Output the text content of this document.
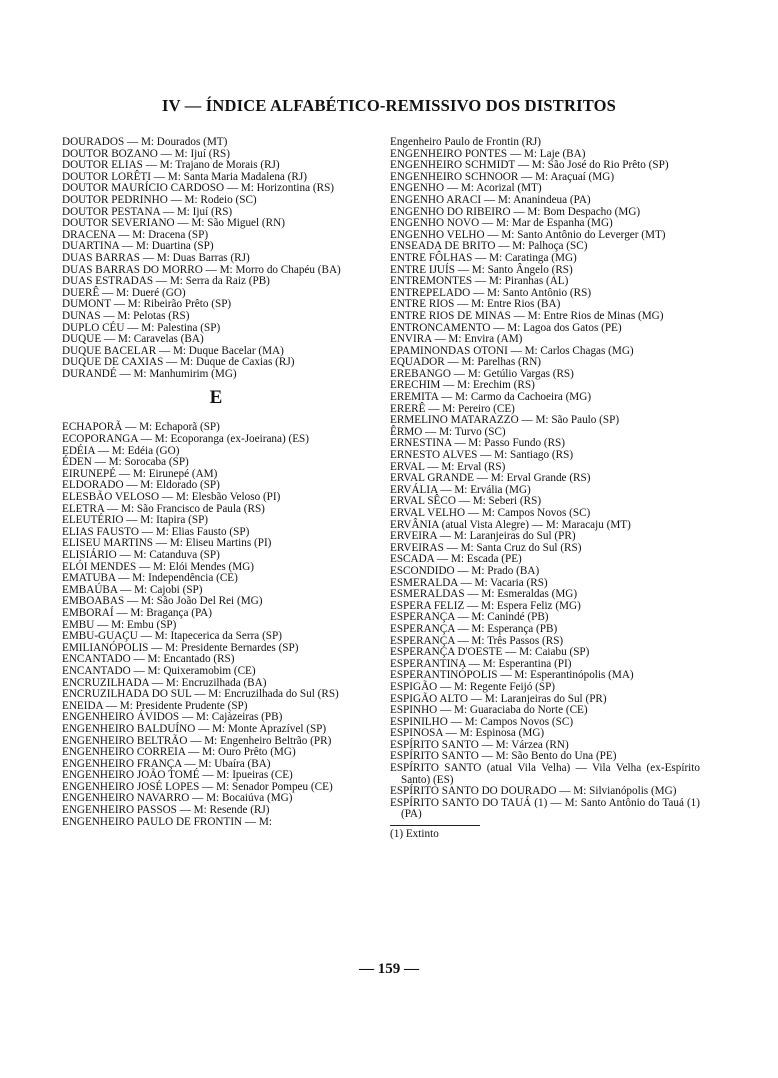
IV — ÍNDICE ALFABÉTICO-REMISSIVO DOS DISTRITOS

DOURADOS — M: Dourados (MT)

DOUTOR BOZANO — M: Ijuí (RS)

DOUTOR ELIAS — M: Trajano de Morais (RJ)

DOUTOR LORÊTI — M: Santa Maria Madalena (RJ)

DOUTOR MAURÍCIO CARDOSO — M: Horizontina (RS)

DOUTOR PEDRINHO — M: Rodeio (SC)

DOUTOR PESTANA — M: Ijuí (RS)

DOUTOR SEVERIANO — M: São Miguel (RN)

DRACENA — M: Dracena (SP)

DUARTINA — M: Duartina (SP)

DUAS BARRAS — M: Duas Barras (RJ)

DUAS BARRAS DO MORRO — M: Morro do Chapéu (BA)

DUAS ESTRADAS — M: Serra da Raiz (PB)

DUERÊ — M: Dueré (GO)

DUMONT — M: Ribeirão Prêto (SP)

DUNAS — M: Pelotas (RS)

DUPLO CÉU — M: Palestina (SP)

DUQUE — M: Caravelas (BA)

DUQUE BACELAR — M: Duque Bacelar (MA)

DUQUE DE CAXIAS — M: Duque de Caxias (RJ)

DURANDÉ — M: Manhumirim (MG)

E

ECHAPORÃ — M: Echaporã (SP)

ECOPORANGA — M: Ecoporanga (ex-Joeirana) (ES)

EDÉIA — M: Edéia (GO)

ÉDEN — M: Sorocaba (SP)

EIRUNEPÉ — M: Eirunepé (AM)

ELDORADO — M: Eldorado (SP)

ELESBÃO VELOSO — M: Elesbão Veloso (PI)

ELETRA — M: São Francisco de Paula (RS)

ELEUTÉRIO — M: Itapira (SP)

ELIAS FAUSTO — M: Elias Fausto (SP)

ELISEU MARTINS — M: Eliseu Martins (PI)

ELISIÁRIO — M: Catanduva (SP)

ELÓI MENDES — M: Elói Mendes (MG)

EMATUBA — M: Independência (CE)

EMBAÚBA — M: Cajobi (SP)

EMBOABAS — M: São João Del Rei (MG)

EMBORAÍ — M: Bragança (PA)

EMBU — M: Embu (SP)

EMBU-GUAÇU — M: Itapecerica da Serra (SP)

EMILIANÓPOLIS — M: Presidente Bernardes (SP)

ENCANTADO — M: Encantado (RS)

ENCANTADO — M: Quixeramobim (CE)

ENCRUZILHADA — M: Encruzilhada (BA)

ENCRUZILHADA DO SUL — M: Encruzilhada do Sul (RS)

ENEIDA — M: Presidente Prudente (SP)

ENGENHEIRO ÁVIDOS — M: Cajàzeiras (PB)

ENGENHEIRO BALDUÍNO — M: Monte Aprazível (SP)

ENGENHEIRO BELTRÃO — M: Engenheiro Beltrão (PR)

ENGENHEIRO CORREIA — M: Ouro Prêto (MG)

ENGENHEIRO FRANÇA — M: Ubaíra (BA)

ENGENHEIRO JOÃO TOMÉ — M: Ipueiras (CE)

ENGENHEIRO JOSÉ LOPES — M: Senador Pompeu (CE)

ENGENHEIRO NAVARRO — M: Bocaiúva (MG)

ENGENHEIRO PASSOS — M: Resende (RJ)

ENGENHEIRO PAULO DE FRONTIN — M:

Engenheiro Paulo de Frontin (RJ)

ENGENHEIRO PONTES — M: Laje (BA)

ENGENHEIRO SCHMIDT — M: São José do Rio Prêto (SP)

ENGENHEIRO SCHNOOR — M: Araçuaí (MG)

ENGENHO — M: Acorizal (MT)

ENGENHO ARACI — M: Ananindeua (PA)

ENGENHO DO RIBEIRO — M: Bom Despacho (MG)

ENGENHO NOVO — M: Mar de Espanha (MG)

ENGENHO VELHO — M: Santo Antônio do Leverger (MT)

ENSEADA DE BRITO — M: Palhoça (SC)

ENTRE FÔLHAS — M: Caratinga (MG)

ENTRE IJUÍS — M: Santo Ângelo (RS)

ENTREMONTES — M: Piranhas (AL)

ENTREPELADO — M: Santo Antônio (RS)

ENTRE RIOS — M: Entre Rios (BA)

ENTRE RIOS DE MINAS — M: Entre Rios de Minas (MG)

ENTRONCAMENTO — M: Lagoa dos Gatos (PE)

ENVIRA — M: Envira (AM)

EPAMINONDAS OTONI — M: Carlos Chagas (MG)

EQUADOR — M: Parelhas (RN)

EREBANGO — M: Getúlio Vargas (RS)

ERECHIM — M: Erechim (RS)

EREMITA — M: Carmo da Cachoeira (MG)

ERERÊ — M: Pereiro (CE)

ERMELINO MATARAZZO — M: São Paulo (SP)

ÊRMO — M: Turvo (SC)

ERNESTINA — M: Passo Fundo (RS)

ERNESTO ALVES — M: Santiago (RS)

ERVAL — M: Erval (RS)

ERVAL GRANDE — M: Erval Grande (RS)

ERVÁLIA — M: Ervália (MG)

ERVAL SÊCO — M: Seberi (RS)

ERVAL VELHO — M: Campos Novos (SC)

ERVÂNIA (atual Vista Alegre) — M: Maracaju (MT)

ERVEIRA — M: Laranjeiras do Sul (PR)

ERVEIRAS — M: Santa Cruz do Sul (RS)

ESCADA — M: Escada (PE)

ESCONDIDO — M: Prado (BA)

ESMERALDA — M: Vacaria (RS)

ESMERALDAS — M: Esmeraldas (MG)

ESPERA FELIZ — M: Espera Feliz (MG)

ESPERANÇA — M: Canindé (PB)

ESPERANÇA — M: Esperança (PB)

ESPERANÇA — M: Três Passos (RS)

ESPERANÇA D'OESTE — M: Caiabu (SP)

ESPERANTINA — M: Esperantina (PI)

ESPERANTINÓPOLIS — M: Esperantinópolis (MA)

ESPIGÃO — M: Regente Feijó (SP)

ESPIGÃO ALTO — M: Laranjeiras do Sul (PR)

ESPINHO — M: Guaraciaba do Norte (CE)

ESPINILHO — M: Campos Novos (SC)

ESPINOSA — M: Espinosa (MG)

ESPÍRITO SANTO — M: Várzea (RN)

ESPÍRITO SANTO — M: São Bento do Una (PE)

ESPÍRITO SANTO (atual Vila Velha) — Vila Velha (ex-Espírito Santo) (ES)

ESPÍRITO SANTO DO DOURADO — M: Silvianópolis (MG)

ESPÍRITO SANTO DO TAUÁ (1) — M: Santo Antônio do Tauá (1) (PA)

(1) Extinto

— 159 —
